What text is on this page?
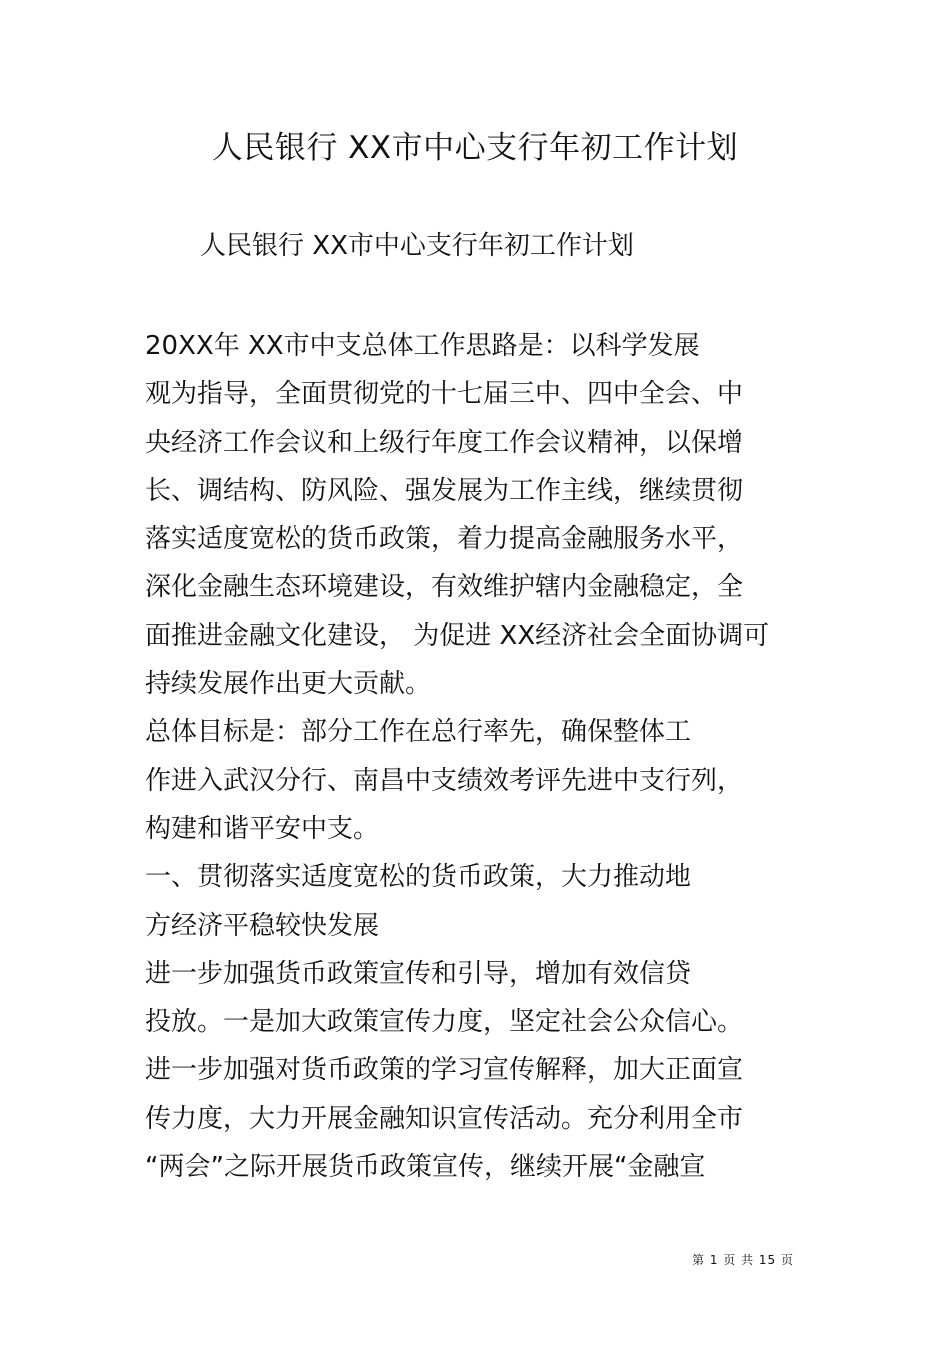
人民银行 XX市中心支行年初工作计划
人民银行 XX市中心支行年初工作计划
20XX年 XX市中支总体工作思路是：以科学发展
观为指导，全面贯彻党的十七届三中、四中全会、中
央经济工作会议和上级行年度工作会议精神，以保增
长、调结构、防风险、强发展为工作主线，继续贯彻
落实适度宽松的货币政策，着力提高金融服务水平，
深化金融生态环境建设，有效维护辖内金融稳定，全
面推进金融文化建设， 为促进 XX经济社会全面协调可
持续发展作出更大贡献。
总体目标是：部分工作在总行率先，确保整体工
作进入武汉分行、南昌中支绩效考评先进中支行列，
构建和谐平安中支。
一、贯彻落实适度宽松的货币政策，大力推动地
方经济平稳较快发展
进一步加强货币政策宣传和引导，增加有效信贷
投放。一是加大政策宣传力度，坚定社会公众信心。
进一步加强对货币政策的学习宣传解释，加大正面宣
传力度，大力开展金融知识宣传活动。充分利用全市
“两会”之际开展货币政策宣传，继续开展“金融宣
第 1 页 共 15 页
